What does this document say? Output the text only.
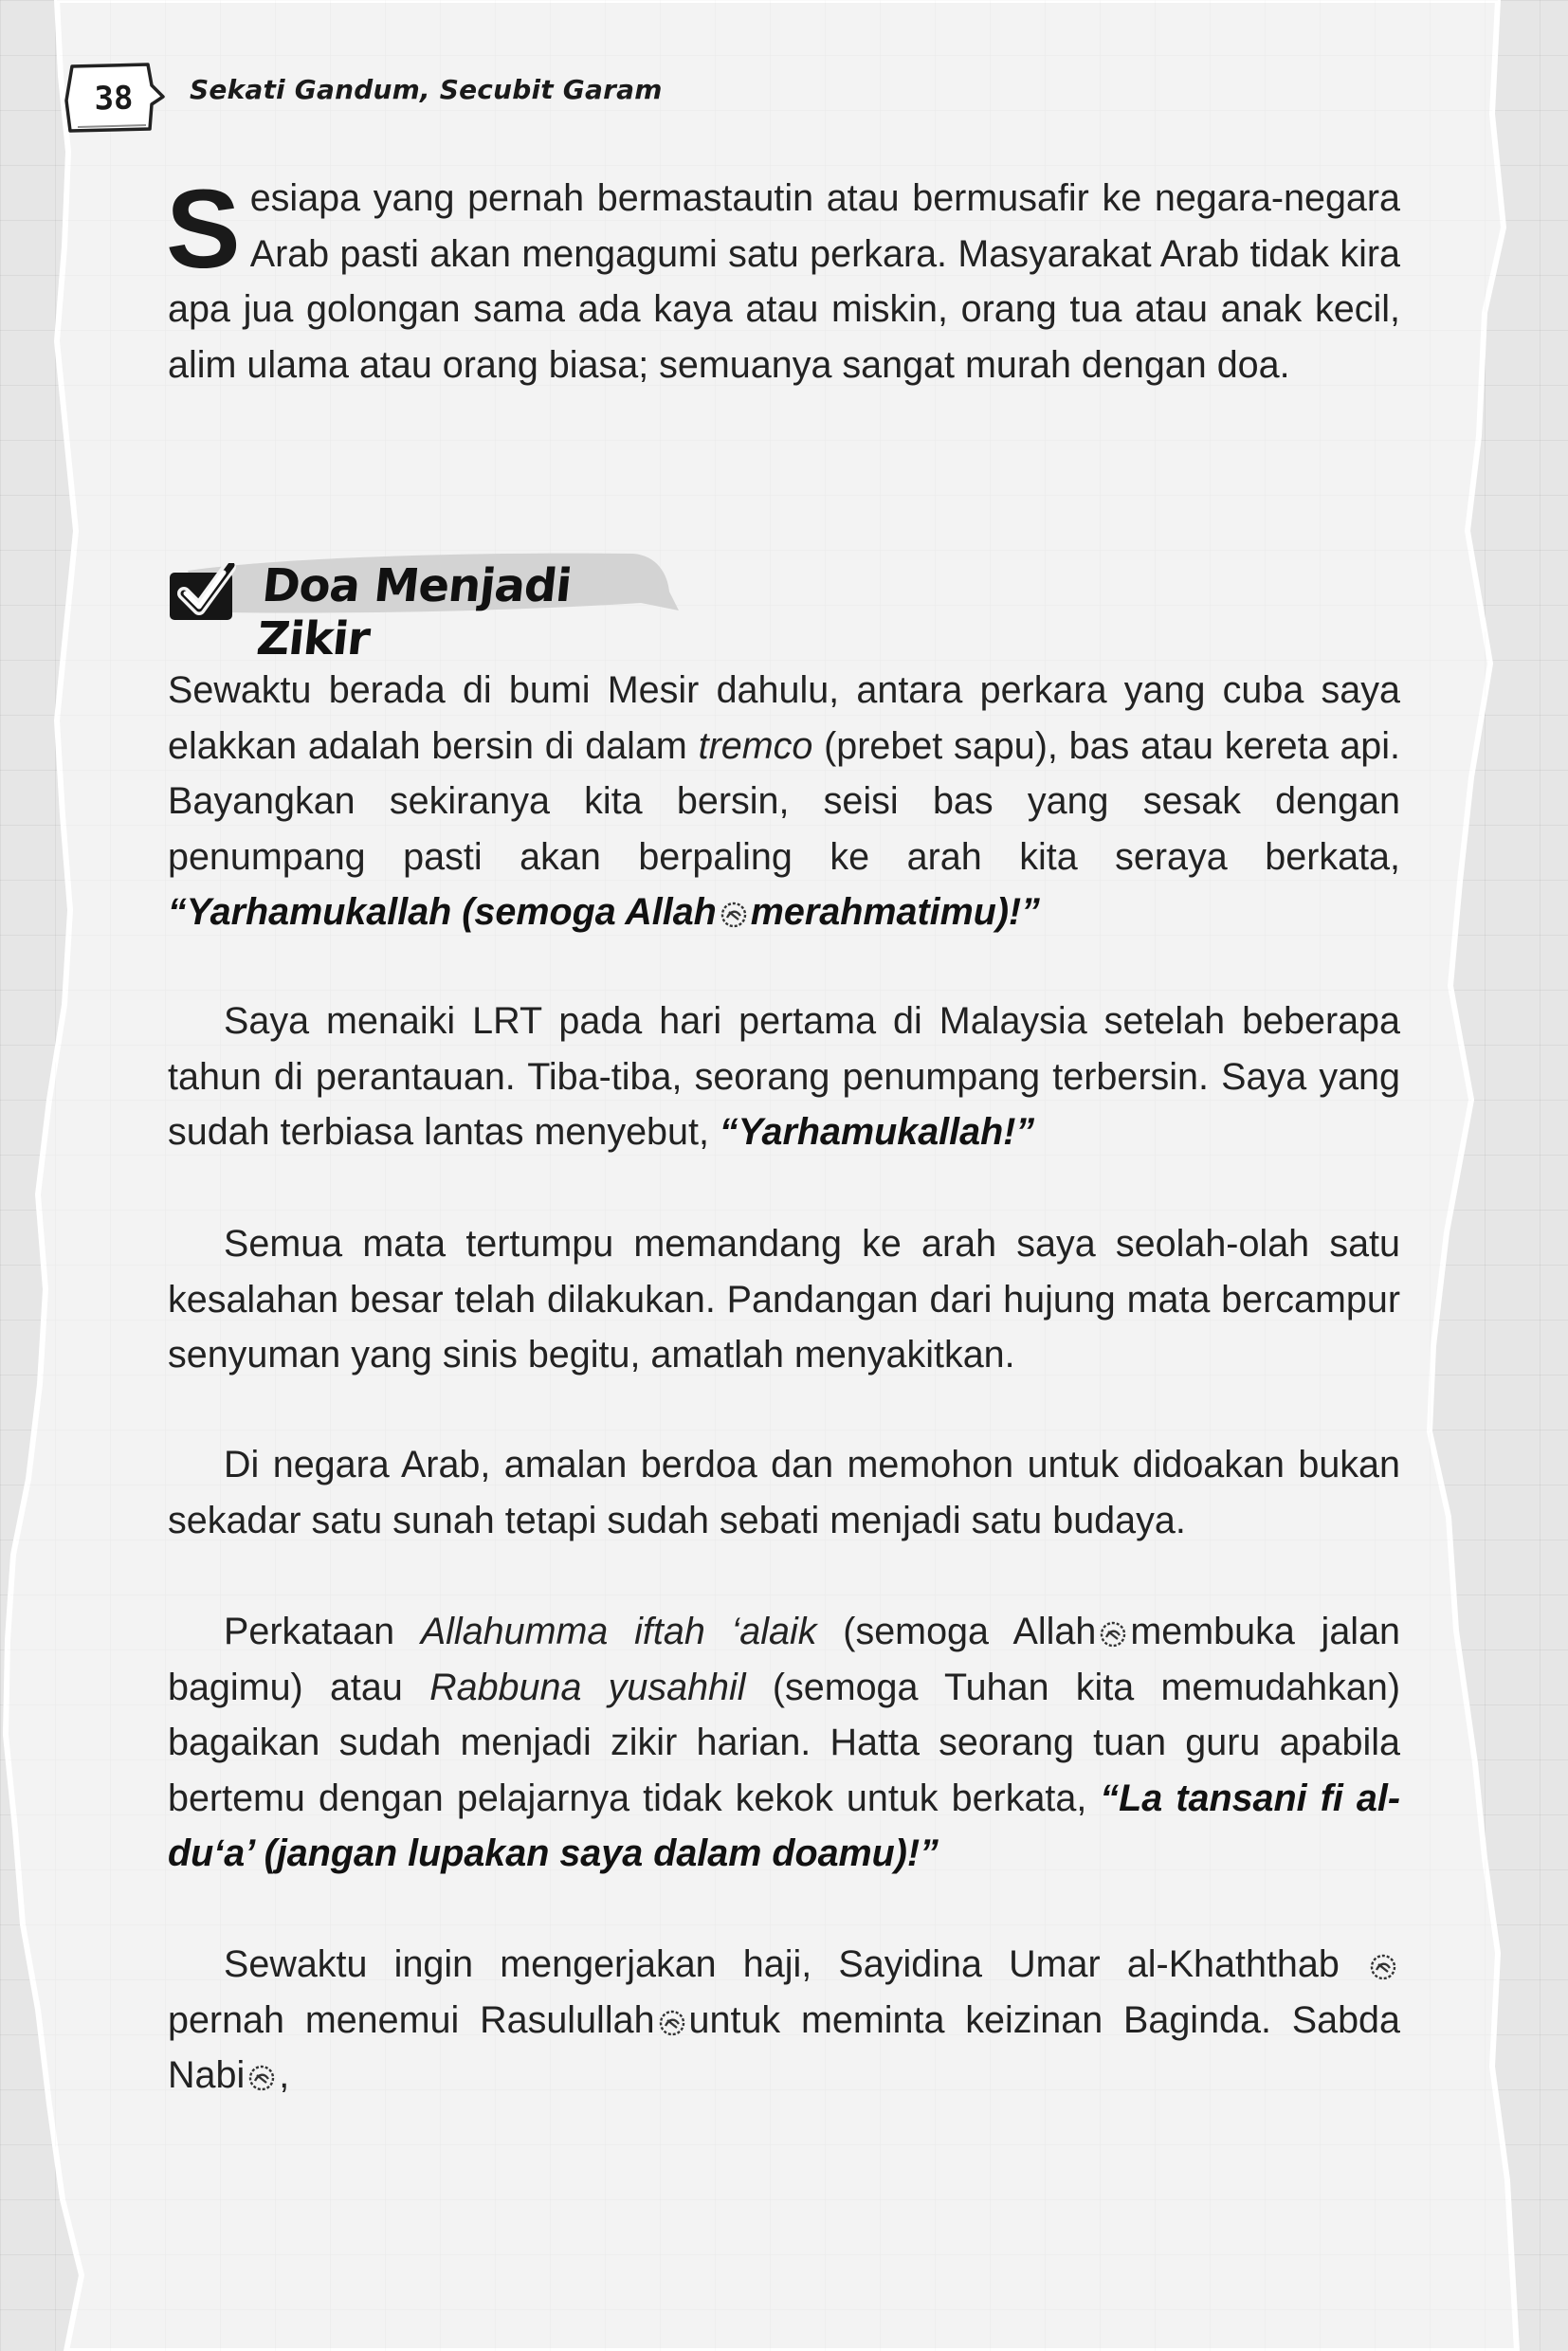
38	Sekati Gandum, Secubit Garam

Sesiapa yang pernah bermastautin atau bermusafir ke negara-negara Arab pasti akan mengagumi satu perkara. Masyarakat Arab tidak kira apa jua golongan sama ada kaya atau miskin, orang tua atau anak kecil, alim ulama atau orang biasa; semuanya sangat murah dengan doa.

Doa Menjadi Zikir

Sewaktu berada di bumi Mesir dahulu, antara perkara yang cuba saya elakkan adalah bersin di dalam tremco (prebet sapu), bas atau kereta api. Bayangkan sekiranya kita bersin, seisi bas yang sesak dengan penumpang pasti akan berpaling ke arah kita seraya berkata, “Yarhamukallah (semoga Allah merahmatimu)!”

Saya menaiki LRT pada hari pertama di Malaysia setelah beberapa tahun di perantauan. Tiba-tiba, seorang penumpang terbersin. Saya yang sudah terbiasa lantas menyebut, “Yarhamukallah!”

Semua mata tertumpu memandang ke arah saya seolah-olah satu kesalahan besar telah dilakukan. Pandangan dari hujung mata bercampur senyuman yang sinis begitu, amatlah menyakitkan.

Di negara Arab, amalan berdoa dan memohon untuk didoakan bukan sekadar satu sunah tetapi sudah sebati menjadi satu budaya.

Perkataan Allahumma iftah ‘alaik (semoga Allah membuka jalan bagimu) atau Rabbuna yusahhil (semoga Tuhan kita memudahkan) bagaikan sudah menjadi zikir harian. Hatta seorang tuan guru apabila bertemu dengan pelajarnya tidak kekok untuk berkata, “La tansani fi al-du‘a’ (jangan lupakan saya dalam doamu)!”

Sewaktu ingin mengerjakan haji, Sayidina Umar al-Khaththab  pernah menemui Rasulullah untuk meminta keizinan Baginda. Sabda Nabi ,
